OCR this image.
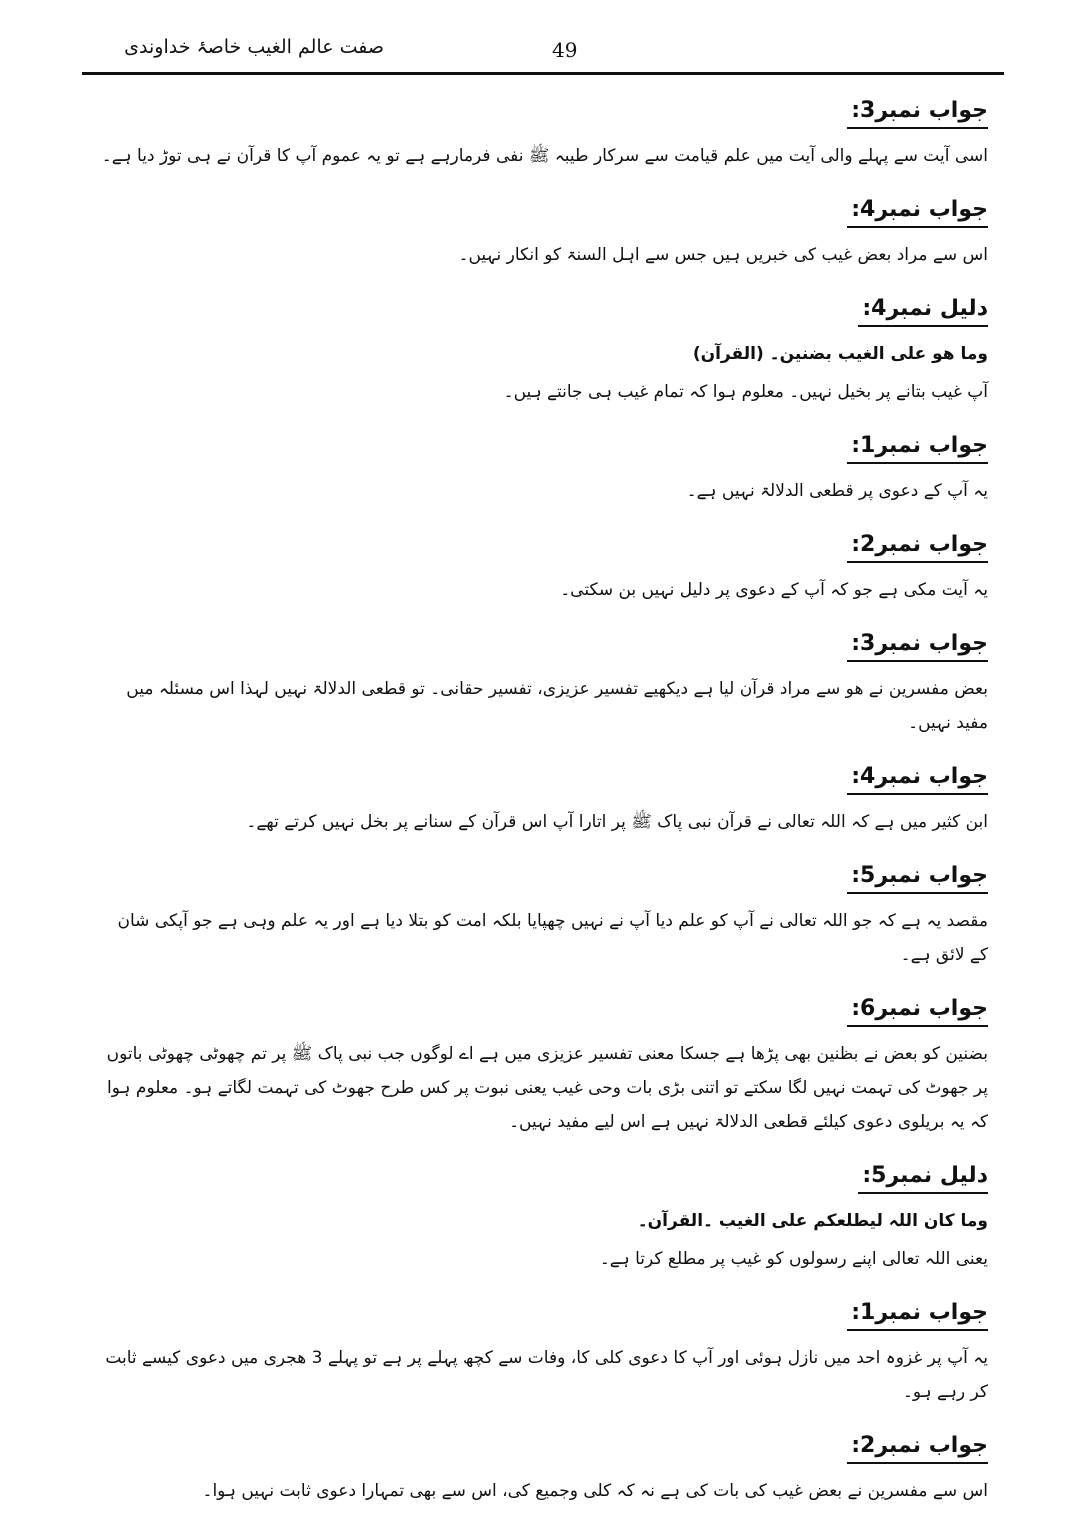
صفت عالم الغیب خاصۂ خداوندی	49
جواب نمبر3:

اسی آیت سے پہلے والی آیت میں علم قیامت سے سرکار طیبہ ﷺ نفی فرمارہے ہے تو یہ عموم آپ کا قرآن نے ہی توڑ دیا ہے۔

جواب نمبر4:

اس سے مراد بعض غیب کی خبریں ہیں جس سے اہل السنۃ کو انکار نہیں۔

دلیل نمبر4:

وما ھو علی الغیب بضنین۔ (القرآن)

آپ غیب بتانے پر بخیل نہیں۔ معلوم ہوا کہ تمام غیب ہی جانتے ہیں۔

جواب نمبر1:

یہ آپ کے دعوی پر قطعی الدلالۃ نہیں ہے۔

جواب نمبر2:

یہ آیت مکی ہے جو کہ آپ کے دعوی پر دلیل نہیں بن سکتی۔

جواب نمبر3:

بعض مفسرین نے ھو سے مراد قرآن لیا ہے دیکھیے تفسیر عزیزی، تفسیر حقانی۔ تو قطعی الدلالۃ نہیں لہذا اس مسئلہ میں مفید نہیں۔

جواب نمبر4:

ابن کثیر میں ہے کہ اللہ تعالی نے قرآن نبی پاک ﷺ پر اتارا آپ اس قرآن کے سنانے پر بخل نہیں کرتے تھے۔

جواب نمبر5:

مقصد یہ ہے کہ جو اللہ تعالی نے آپ کو علم دیا آپ نے نہیں چھپایا بلکہ امت کو بتلا دیا ہے اور یہ علم وہی ہے جو آپکی شان کے لائق ہے۔

جواب نمبر6:

بضنین کو بعض نے بظنین بھی پڑھا ہے جسکا معنی تفسیر عزیزی میں ہے اے لوگوں جب نبی پاک ﷺ پر تم چھوٹی چھوٹی باتوں پر جھوٹ کی تہمت نہیں لگا سکتے تو اتنی بڑی بات وحی غیب یعنی نبوت پر کس طرح جھوٹ کی تہمت لگاتے ہو۔ معلوم ہوا کہ یہ بریلوی دعوی کیلئے قطعی الدلالۃ نہیں ہے اس لیے مفید نہیں۔

دلیل نمبر5:

وما کان اللہ لیطلعکم علی الغیب ۔القرآن۔

یعنی اللہ تعالی اپنے رسولوں کو غیب پر مطلع کرتا ہے۔

جواب نمبر1:

یہ آپ پر غزوہ احد میں نازل ہوئی اور آپ کا دعوی کلی کا، وفات سے کچھ پہلے پر ہے تو پہلے 3 ھجری میں دعوی کیسے ثابت کر رہے ہو۔

جواب نمبر2:

اس سے مفسرین نے بعض غیب کی بات کی ہے نہ کہ کلی وجمیع کی، اس سے بھی تمہارا دعوی ثابت نہیں ہوا۔
